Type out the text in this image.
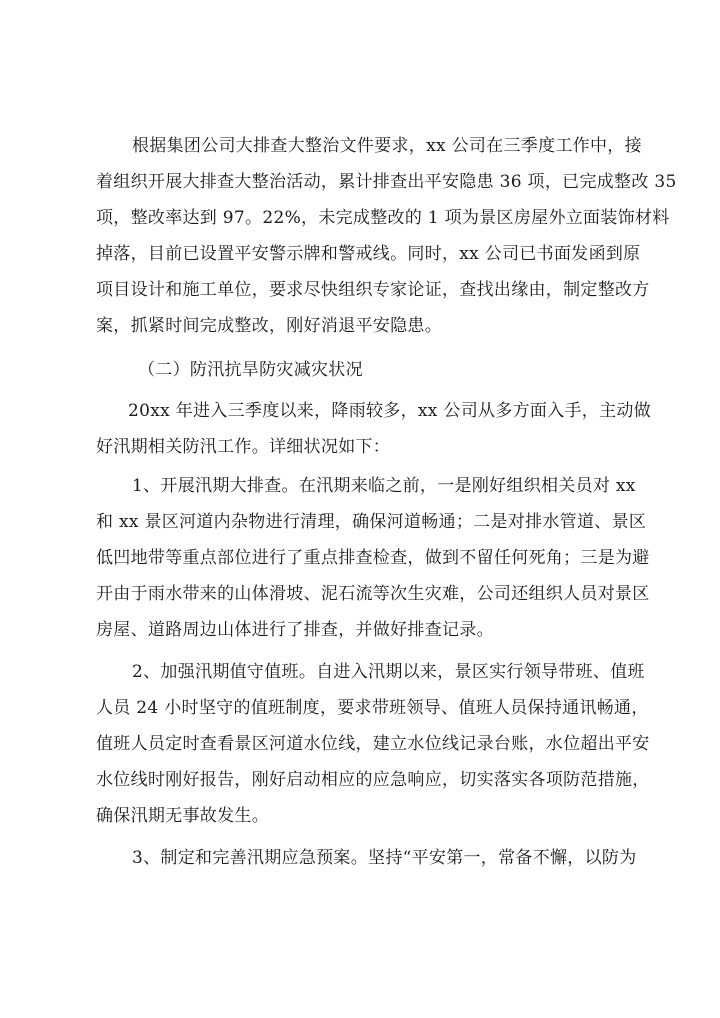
根据集团公司大排查大整治文件要求，xx 公司在三季度工作中，接
着组织开展大排查大整治活动，累计排查出平安隐患 36 项，已完成整改 35
项，整改率达到 97。22%，未完成整改的 1 项为景区房屋外立面装饰材料
掉落，目前已设置平安警示牌和警戒线。同时，xx 公司已书面发函到原
项目设计和施工单位，要求尽快组织专家论证，查找出缘由，制定整改方
案，抓紧时间完成整改，刚好消退平安隐患。
（二）防汛抗旱防灾减灾状况
20xx 年进入三季度以来，降雨较多，xx 公司从多方面入手，主动做
好汛期相关防汛工作。详细状况如下：
1、开展汛期大排查。在汛期来临之前，一是刚好组织相关员对 xx
和 xx 景区河道内杂物进行清理，确保河道畅通；二是对排水管道、景区
低凹地带等重点部位进行了重点排查检查，做到不留任何死角；三是为避
开由于雨水带来的山体滑坡、泥石流等次生灾难，公司还组织人员对景区
房屋、道路周边山体进行了排查，并做好排查记录。
2、加强汛期值守值班。自进入汛期以来，景区实行领导带班、值班
人员 24 小时坚守的值班制度，要求带班领导、值班人员保持通讯畅通，
值班人员定时查看景区河道水位线，建立水位线记录台账，水位超出平安
水位线时刚好报告，刚好启动相应的应急响应，切实落实各项防范措施，
确保汛期无事故发生。
3、制定和完善汛期应急预案。坚持“平安第一，常备不懈，以防为
